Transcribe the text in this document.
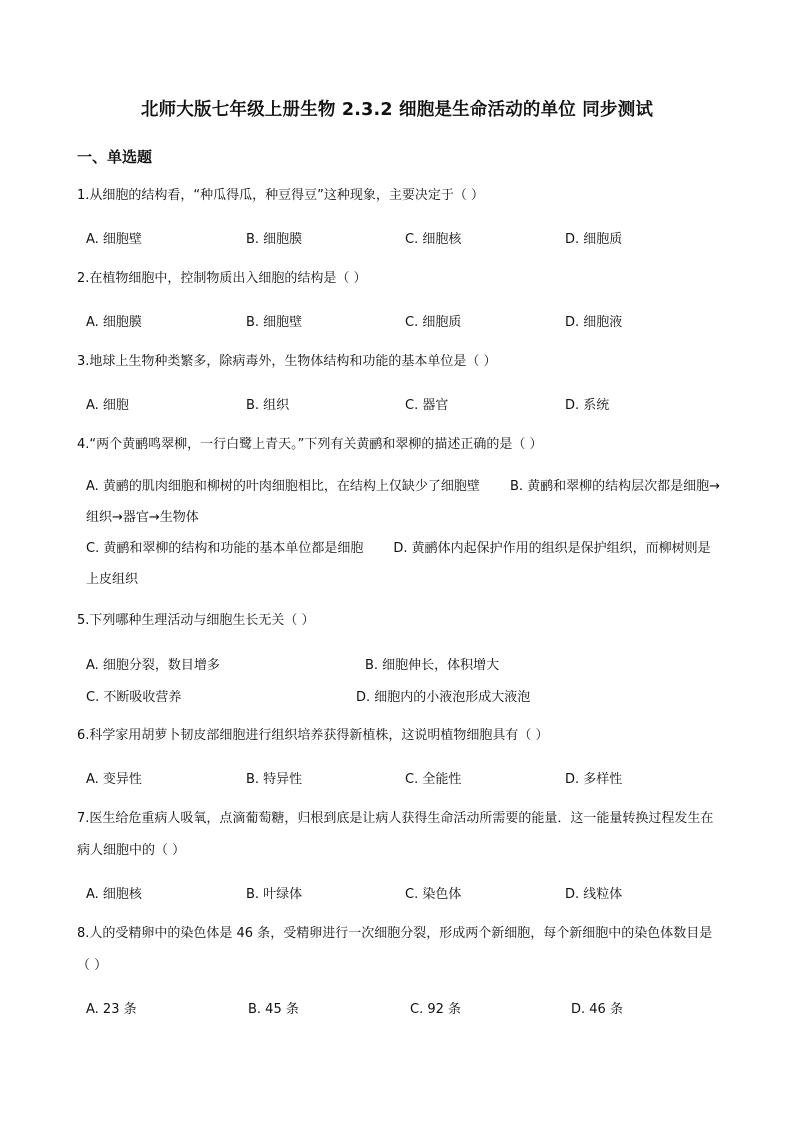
北师大版七年级上册生物 2.3.2 细胞是生命活动的单位 同步测试
一、单选题
1.从细胞的结构看，“种瓜得瓜，种豆得豆”这种现象，主要决定于（ ）
A. 细胞壁	B. 细胞膜	C. 细胞核	D. 细胞质
2.在植物细胞中，控制物质出入细胞的结构是（ ）
A. 细胞膜	B. 细胞壁	C. 细胞质	D. 细胞液
3.地球上生物种类繁多，除病毒外，生物体结构和功能的基本单位是（ ）
A. 细胞	B. 组织	C. 器官	D. 系统
4.“两个黄鹂鸣翠柳，一行白鹭上青天。”下列有关黄鹂和翠柳的描述正确的是（ ）
A. 黄鹂的肌肉细胞和柳树的叶肉细胞相比，在结构上仅缺少了细胞壁 B. 黄鹂和翠柳的结构层次都是细胞→组织→器官→生物体
C. 黄鹂和翠柳的结构和功能的基本单位都是细胞 D. 黄鹂体内起保护作用的组织是保护组织，而柳树则是上皮组织
5.下列哪种生理活动与细胞生长无关（ ）
A. 细胞分裂，数目增多	B. 细胞伸长，体积增大
C. 不断吸收营养	D. 细胞内的小液泡形成大液泡
6.科学家用胡萝卜韧皮部细胞进行组织培养获得新植株，这说明植物细胞具有（ ）
A. 变异性	B. 特异性	C. 全能性	D. 多样性
7.医生给危重病人吸氧，点滴葡萄糖，归根到底是让病人获得生命活动所需要的能量．这一能量转换过程发生在病人细胞中的（ ）
A. 细胞核	B. 叶绿体	C. 染色体	D. 线粒体
8.人的受精卵中的染色体是 46 条，受精卵进行一次细胞分裂，形成两个新细胞，每个新细胞中的染色体数目是（ ）
A. 23 条	B. 45 条	C. 92 条	D. 46 条
